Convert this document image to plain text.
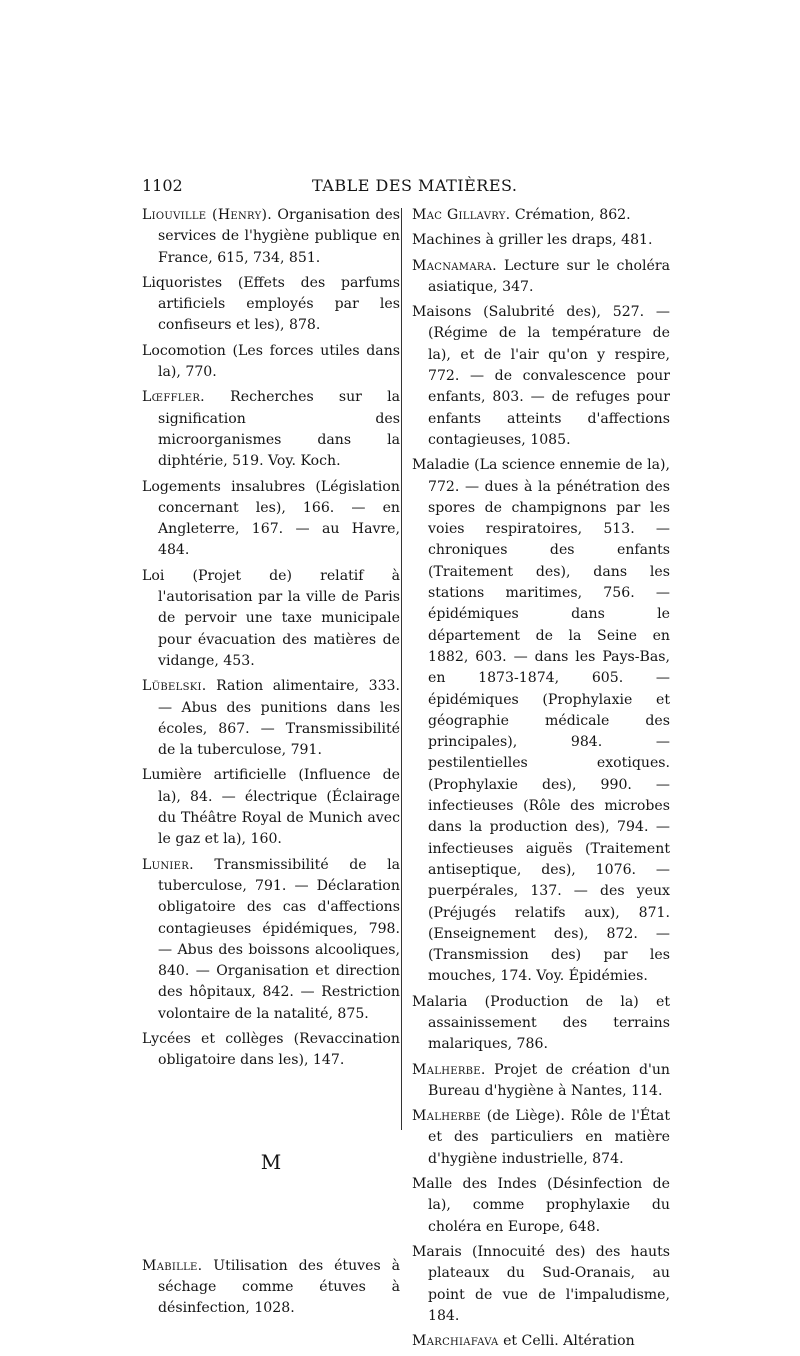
1102	TABLE DES MATIÈRES.

Liouville (Henry). Organisation des services de l'hygiène publique en France, 615, 734, 851.

Liquoristes (Effets des parfums artificiels employés par les confiseurs et les), 878.

Locomotion (Les forces utiles dans la), 770.

Lœffler. Recherches sur la signification des microorganismes dans la diphtérie, 519. Voy. Koch.

Logements insalubres (Législation concernant les), 166. — en Angleterre, 167. — au Havre, 484.

Loi (Projet de) relatif à l'autorisation par la ville de Paris de pervoir une taxe municipale pour évacuation des matières de vidange, 453.

Lübelski. Ration alimentaire, 333. — Abus des punitions dans les écoles, 867. — Transmissibilité de la tuberculose, 791.

Lumière artificielle (Influence de la), 84. — électrique (Éclairage du Théâtre Royal de Munich avec le gaz et la), 160.

Lunier. Transmissibilité de la tuberculose, 791. — Déclaration obligatoire des cas d'affections contagieuses épidémiques, 798. — Abus des boissons alcooliques, 840. — Organisation et direction des hôpitaux, 842. — Restriction volontaire de la natalité, 875.

Lycées et collèges (Revaccination obligatoire dans les), 147.

M

Mabille. Utilisation des étuves à séchage comme étuves à désinfection, 1028.

Mac Gillavry. Crémation, 862.

Machines à griller les draps, 481.

Macnamara. Lecture sur le choléra asiatique, 347.

Maisons (Salubrité des), 527. — (Régime de la température de la), et de l'air qu'on y respire, 772. — de convalescence pour enfants, 803. — de refuges pour enfants atteints d'affections contagieuses, 1085.

Maladie (La science ennemie de la), 772. — dues à la pénétration des spores de champignons par les voies respiratoires, 513. — chroniques des enfants (Traitement des), dans les stations maritimes, 756. — épidémiques dans le département de la Seine en 1882, 603. — dans les Pays-Bas, en 1873-1874, 605. — épidémiques (Prophylaxie et géographie médicale des principales), 984. — pestilentielles exotiques. (Prophylaxie des), 990. — infectieuses (Rôle des microbes dans la production des), 794. — infectieuses aiguës (Traitement antiseptique, des), 1076. — puerpérales, 137. — des yeux (Préjugés relatifs aux), 871. (Enseignement des), 872. — (Transmission des) par les mouches, 174. Voy. Épidémies.

Malaria (Production de la) et assainissement des terrains malariques, 786.

Malherbe. Projet de création d'un Bureau d'hygiène à Nantes, 114.

Malherbe (de Liège). Rôle de l'État et des particuliers en matière d'hygiène industrielle, 874.

Malle des Indes (Désinfection de la), comme prophylaxie du choléra en Europe, 648.

Marais (Innocuité des) des hauts plateaux du Sud-Oranais, au point de vue de l'impaludisme, 184.

Marchiafava et Celli. Altération
